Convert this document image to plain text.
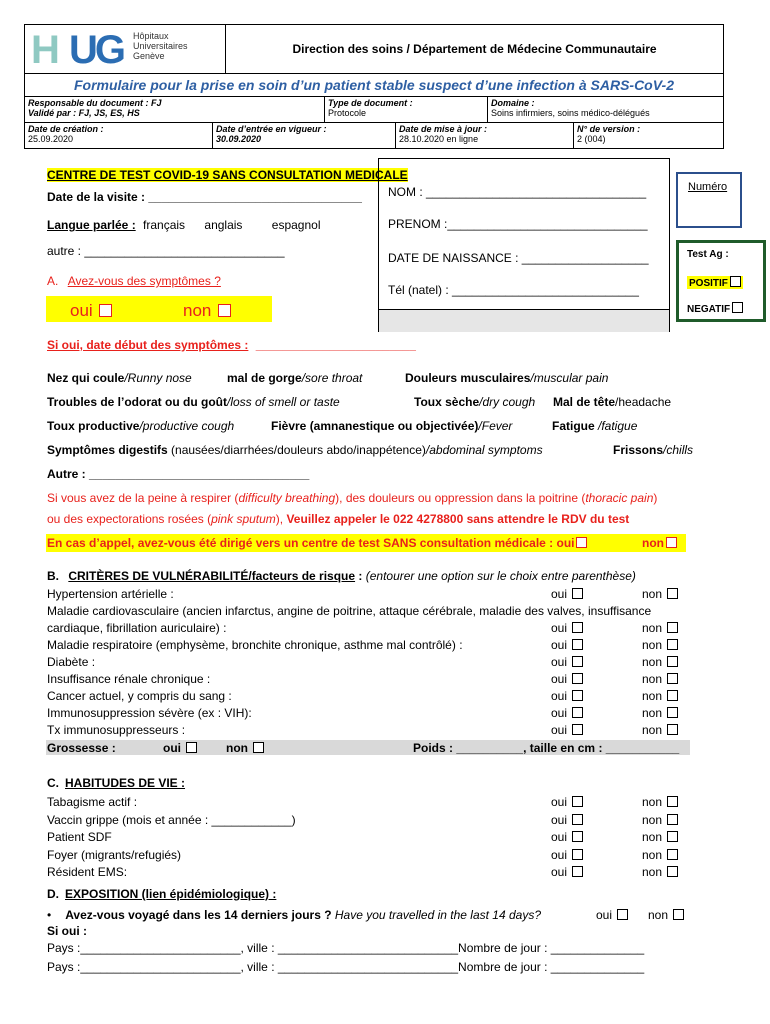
H UG Hôpitaux
Universitaires
Genève	Direction des soins / Département de Médecine Communautaire
Formulaire pour la prise en soin d’un patient stable suspect d’une infection à SARS-CoV-2
Responsable du document : FJ
Validé par : FJ, JS, ES, HS
Type de document :
Protocole
Domaine :
Soins infirmiers, soins médico-délégués
Date de création :
25.09.2020
Date d’entrée en vigueur :
30.09.2020
Date de mise à jour :
28.10.2020 en ligne
N° de version :
2 (004)
CENTRE DE TEST COVID-19 SANS CONSULTATION MEDICALE
Date de la visite : ________________________________
Langue parlée : français anglais espagnol
autre : ______________________________
NOM : _________________________________
PRENOM :______________________________
DATE DE NAISSANCE : ___________________
Tél (natel) : ____________________________
Numéro
Test Ag :
POSITIF
NEGATIF
A. Avez-vous des symptômes ?
oui	non
Si oui, date début des symptômes : ________________________
Nez qui coule/Runny nose	mal de gorge/sore throat	Douleurs musculaires/muscular pain
Troubles de l’odorat ou du goût/loss of smell or taste	Toux sèche/dry cough Mal de tête/headache
Toux productive/productive cough	Fièvre (amnanestique ou objectivée)/Fever	Fatigue /fatigue
Symptômes digestifs (nausées/diarrhées/douleurs abdo/inappétence)/abdominal symptoms	Frissons/chills
Autre : _________________________________
Si vous avez de la peine à respirer (difficulty breathing), des douleurs ou oppression dans la poitrine (thoracic pain)
ou des expectorations rosées (pink sputum), Veuillez appeler le 022 4278800 sans attendre le RDV du test
En cas d’appel, avez-vous été dirigé vers un centre de test SANS consultation médicale : oui	non
B. CRITÈRES DE VULNÉRABILITÉ/facteurs de risque : (entourer une option sur le choix entre parenthèse)
Hypertension artérielle :	oui	non
Maladie cardiovasculaire (ancien infarctus, angine de poitrine, attaque cérébrale, maladie des valves, insuffisance
cardiaque, fibrillation auriculaire) :	oui	non
Maladie respiratoire (emphysème, bronchite chronique, asthme mal contrôlé) :	oui	non
Diabète :	oui	non
Insuffisance rénale chronique :	oui	non
Cancer actuel, y compris du sang :	oui	non
Immunosuppression sévère (ex : VIH):	oui	non
Tx immunosuppresseurs :	oui	non
Grossesse :	oui	non	Poids : __________, taille en cm : ___________
C. HABITUDES DE VIE :
Tabagisme actif :	oui	non
Vaccin grippe (mois et année : ____________)	oui	non
Patient SDF	oui	non
Foyer (migrants/refugiés)	oui	non
Résident EMS:	oui	non
D. EXPOSITION (lien épidémiologique) :
• Avez-vous voyagé dans les 14 derniers jours ? Have you travelled in the last 14 days?	oui	non
Si oui :
Pays :________________________, ville : ___________________________Nombre de jour : ______________
Pays :________________________, ville : ___________________________Nombre de jour : ______________
